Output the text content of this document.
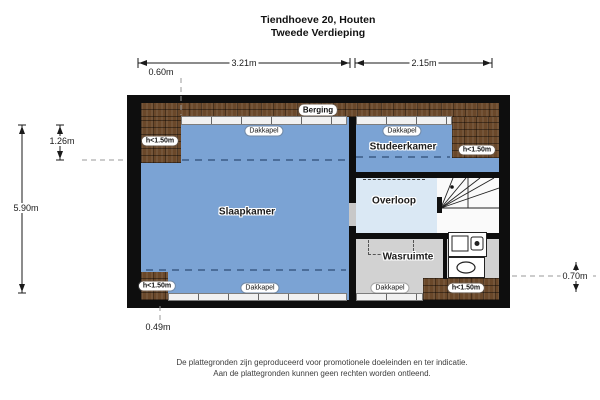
Tiendhoeve 20, Houten
Tweede Verdieping
Berging
Slaapkamer
Studeerkamer
Overloop
Wasruimte
Dakkapel	Dakkapel
Dakkapel	Dakkapel
h<1.50m
h<1.50m
h<1.50m
h<1.50m
3.21m	2.15m
0.60m
1.26m
5.90m
0.70m
0.49m
De plattegronden zijn geproduceerd voor promotionele doeleinden en ter indicatie.
Aan de plattegronden kunnen geen rechten worden ontleend.
